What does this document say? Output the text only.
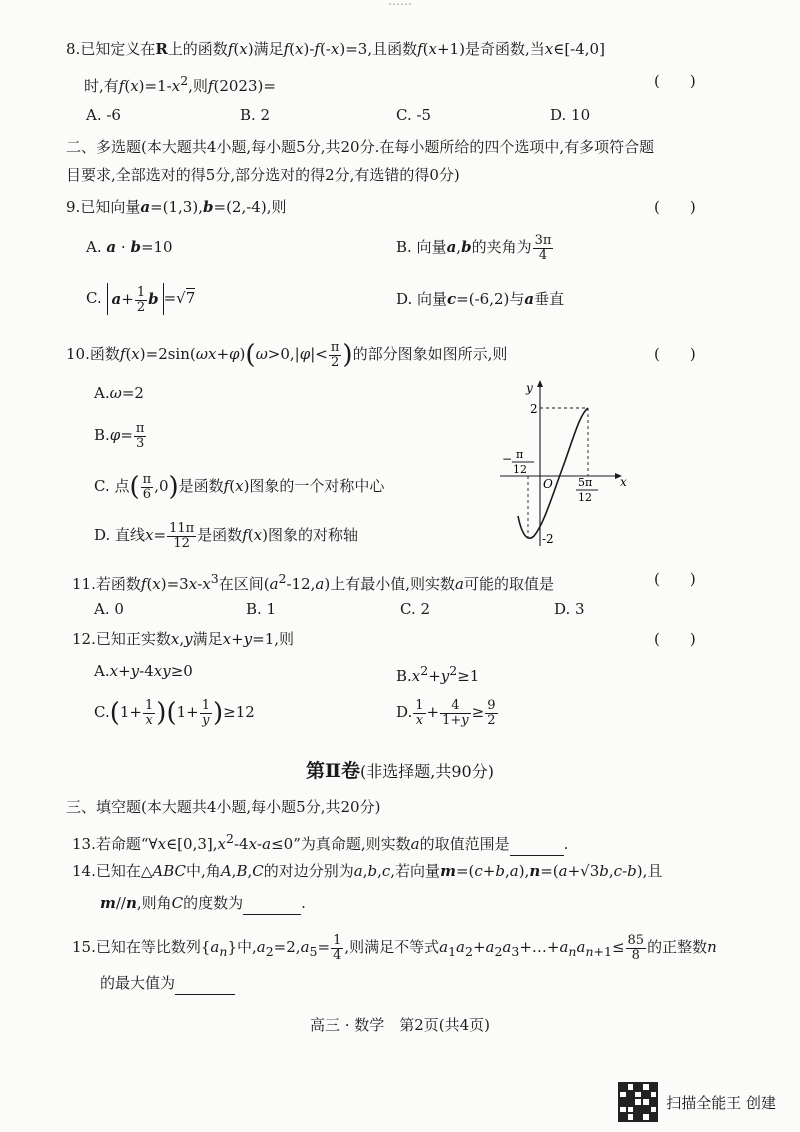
……
8.已知定义在R上的函数f(x)满足f(x)-f(-x)=3,且函数f(x+1)是奇函数,当x∈[-4,0]
时,有$f(x)=1-x^2$,则f(2023)=	(　　)
A. -6	B. 2	C. -5	D. 10
二、多选题(本大题共4小题,每小题5分,共20分.在每小题所给的四个选项中,有多项符合题
目要求,全部选对的得5分,部分选对的得2分,有选错的得0分)
9.已知向量a=(1,3),b=(2,-4),则	(　　)
A. a · b=10	B. 向量a,b的夹角为 $\frac{3\pi}{4}$
C. $a+ \frac{1}{2}$ b =√7	D. 向量c=(-6,2)与a垂直
10.函数$f(x)=2\sin(\omega x+\varphi)(\omega>0,|\varphi|< \frac{\pi}{2}$ )的部分图象如图所示,则	(　　)
A.ω=2
$B.\varphi= \frac{\pi}{3}$
C. 点( $\frac{\pi}{6} ,0$)是函数f(x)图象的一个对称中心
D. 直线$x= \frac{11\pi}{12}$ 是函数f(x)图象的对称轴
y
x
O
2
-2
− π
12
5π
12
11.若函数$f(x)=3x-x^3$在区间$(a^2-12,a)$上有最小值,则实数a可能的取值是	(　　)
A. 0	B. 1	C. 2	D. 3
12.已知正实数x,y满足x+y=1,则	(　　)
A.x+y-4xy≥0	$B.x^2+y^2\ge 1$
$C.(1+ \frac{1}{x} )(1+ \frac{1}{y} )\ge 12$	D. $\frac{1}{x} + \frac{4}{1+y} \ge \frac{9}{2}$
第Ⅱ卷(非选择题,共90分)
三、填空题(本大题共4小题,每小题5分,共20分)
13.若命题“$\forall x\in[0,3],x^2-4x-a\le 0$”为真命题,则实数a的取值范围是	.
14.已知在△ABC中,角A,B,C的对边分别为a,b,c,若向量m=(c+b,a),n=(a+√3b,c-b),且
m//n,则角C的度数为	.
15.已知在等比数列$\{a_n\}$中$,a_2=2,a_5= \frac{1}{4}$ ,则满足不等式$a_1a_2+a_2a_3+\dots+a_na_{n+1}\le \frac{85}{8}$ 的正整数n
的最大值为
高三 · 数学　第2页(共4页)
扫描全能王 创建
